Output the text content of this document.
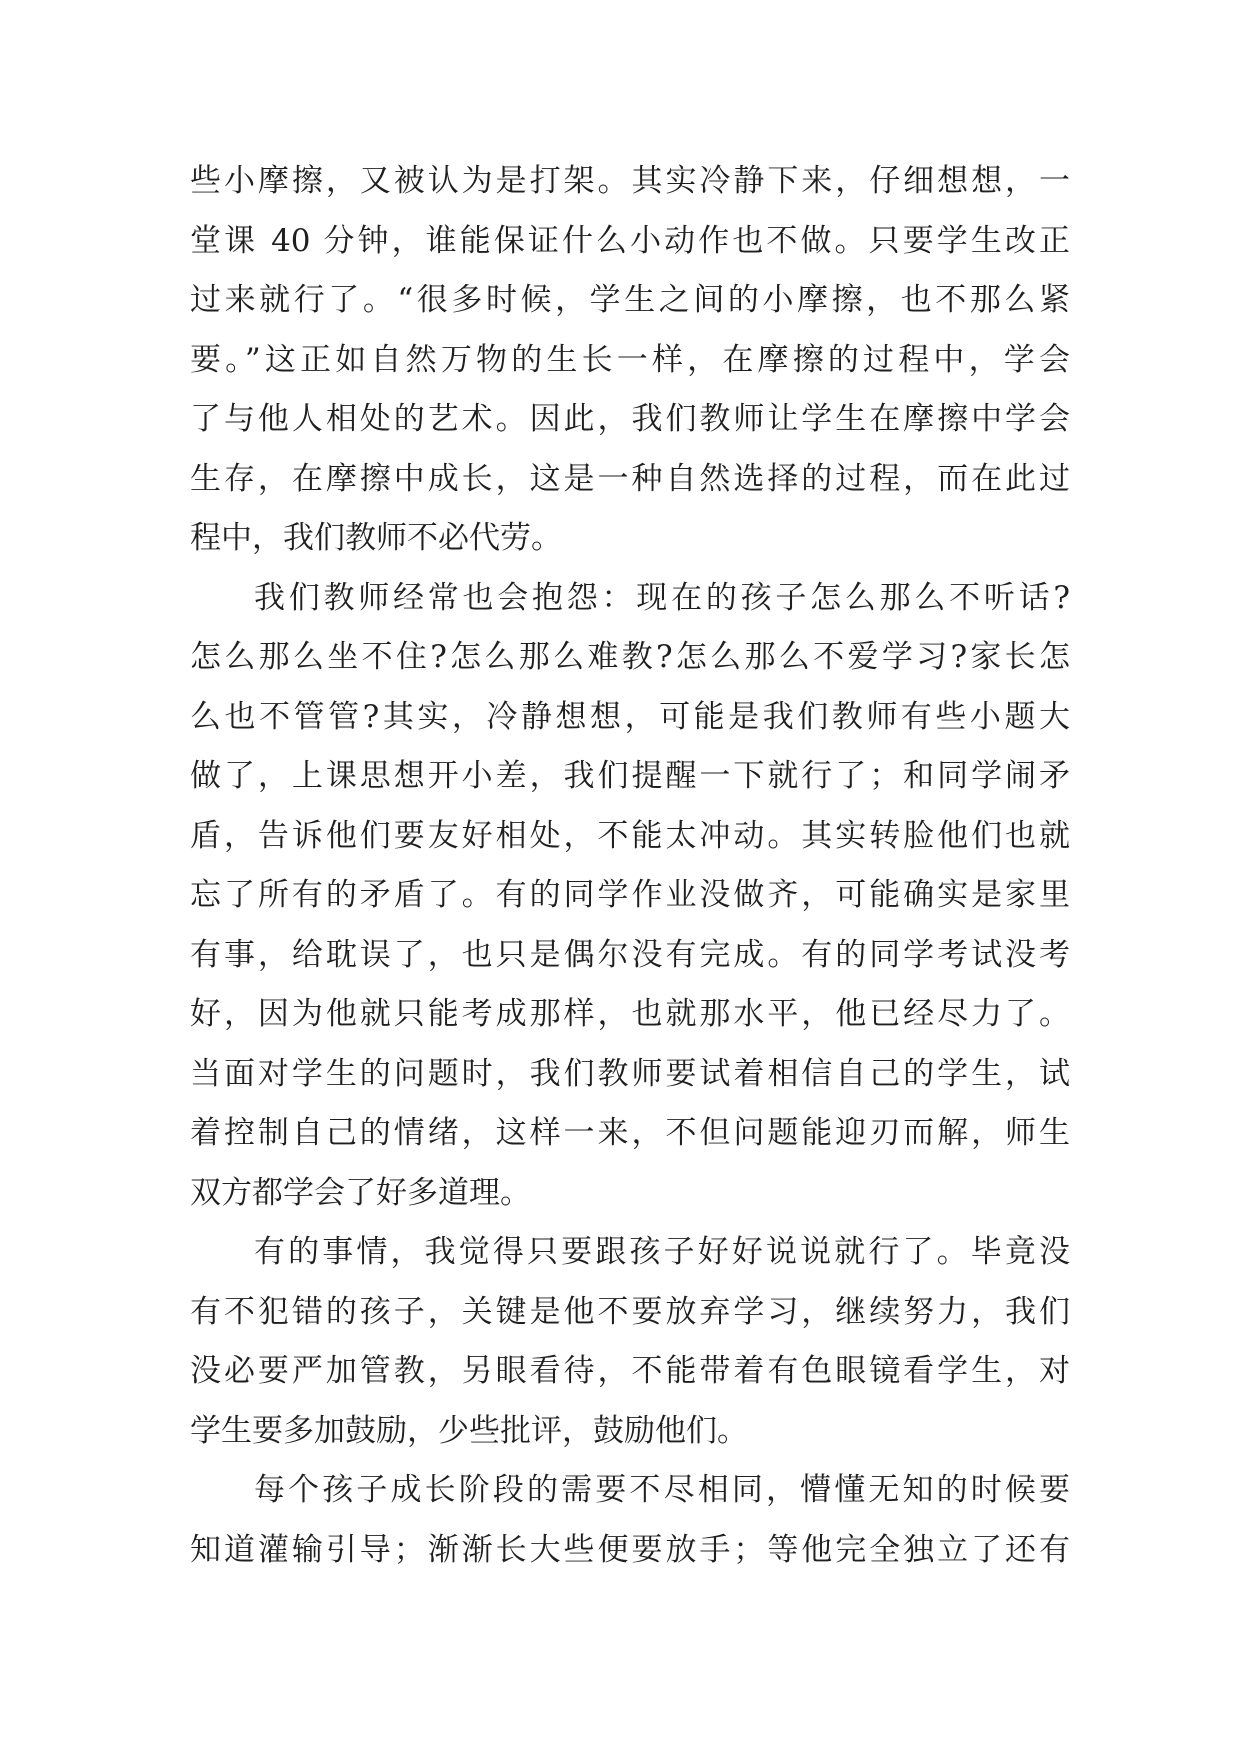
些小摩擦，又被认为是打架。其实冷静下来，仔细想想，一
堂课 40 分钟，谁能保证什么小动作也不做。只要学生改正
过来就行了。“很多时候，学生之间的小摩擦，也不那么紧
要。”这正如自然万物的生长一样，在摩擦的过程中，学会
了与他人相处的艺术。因此，我们教师让学生在摩擦中学会
生存，在摩擦中成长，这是一种自然选择的过程，而在此过
程中，我们教师不必代劳。
我们教师经常也会抱怨：现在的孩子怎么那么不听话?
怎么那么坐不住?怎么那么难教?怎么那么不爱学习?家长怎
么也不管管?其实，冷静想想，可能是我们教师有些小题大
做了，上课思想开小差，我们提醒一下就行了；和同学闹矛
盾，告诉他们要友好相处，不能太冲动。其实转脸他们也就
忘了所有的矛盾了。有的同学作业没做齐，可能确实是家里
有事，给耽误了，也只是偶尔没有完成。有的同学考试没考
好，因为他就只能考成那样，也就那水平，他已经尽力了。
当面对学生的问题时，我们教师要试着相信自己的学生，试
着控制自己的情绪，这样一来，不但问题能迎刃而解，师生
双方都学会了好多道理。
有的事情，我觉得只要跟孩子好好说说就行了。毕竟没
有不犯错的孩子，关键是他不要放弃学习，继续努力，我们
没必要严加管教，另眼看待，不能带着有色眼镜看学生，对
学生要多加鼓励，少些批评，鼓励他们。
每个孩子成长阶段的需要不尽相同，懵懂无知的时候要
知道灌输引导；渐渐长大些便要放手；等他完全独立了还有
